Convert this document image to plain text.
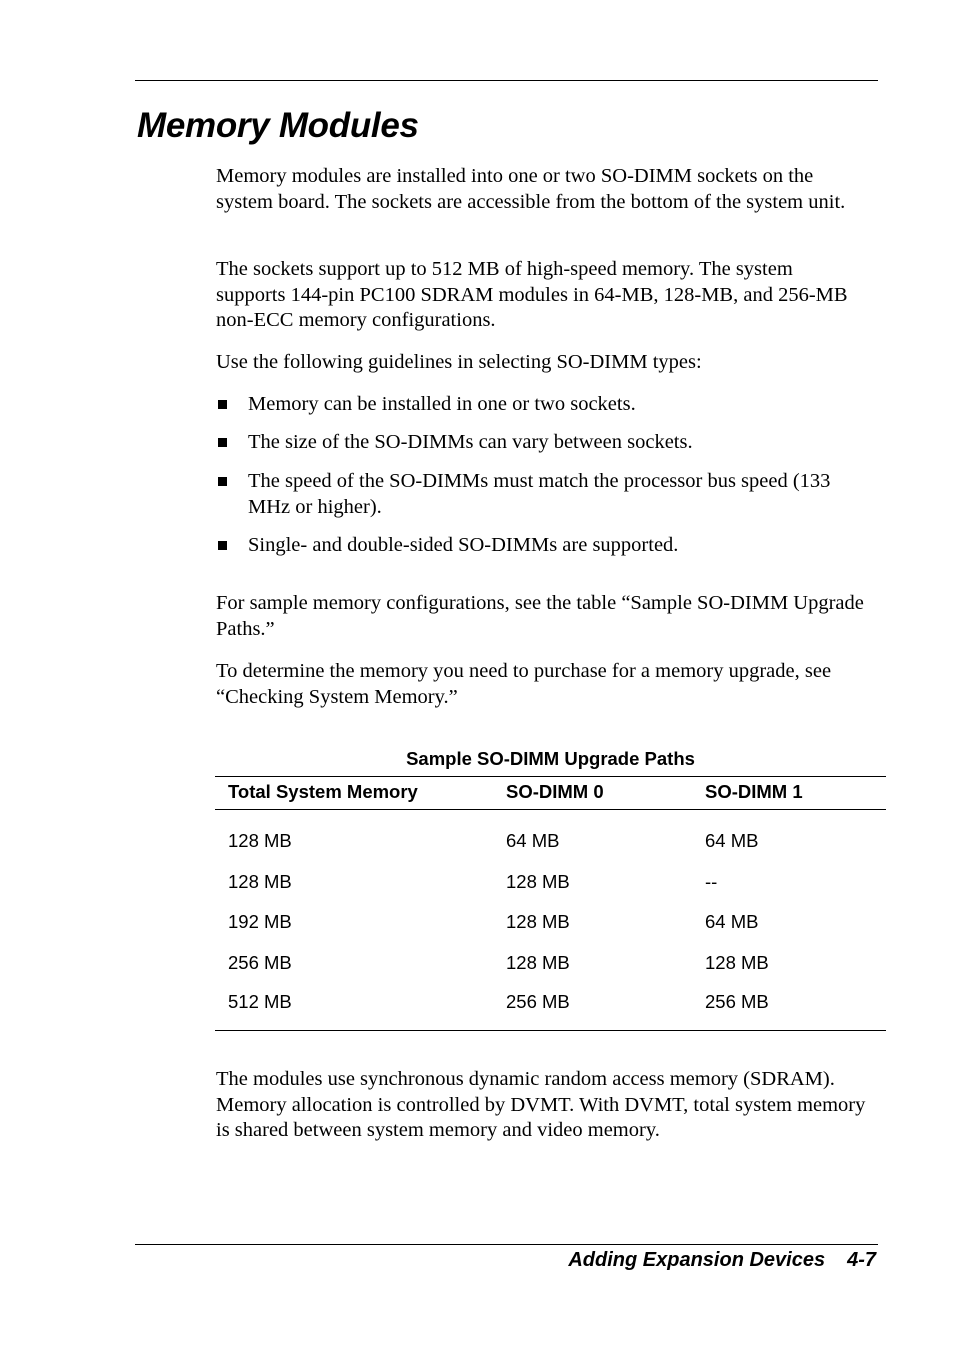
Memory Modules

Memory modules are installed into one or two SO-DIMM sockets on the system board. The sockets are accessible from the bottom of the system unit.

The sockets support up to 512 MB of high-speed memory. The system supports 144-pin PC100 SDRAM modules in 64-MB, 128-MB, and 256-MB non-ECC memory configurations.

Use the following guidelines in selecting SO-DIMM types:

Memory can be installed in one or two sockets.

The size of the SO-DIMMs can vary between sockets.

The speed of the SO-DIMMs must match the processor bus speed (133 MHz or higher).

Single- and double-sided SO-DIMMs are supported.

For sample memory configurations, see the table “Sample SO-DIMM Upgrade Paths.”

To determine the memory you need to purchase for a memory upgrade, see “Checking System Memory.”

Sample SO-DIMM Upgrade Paths

Total System Memory	SO-DIMM 0	SO-DIMM 1
128 MB	64 MB	64 MB
128 MB	128 MB	--
192 MB	128 MB	64 MB
256 MB	128 MB	128 MB
512 MB	256 MB	256 MB

The modules use synchronous dynamic random access memory (SDRAM). Memory allocation is controlled by DVMT. With DVMT, total system memory is shared between system memory and video memory.

Adding Expansion Devices 4-7
